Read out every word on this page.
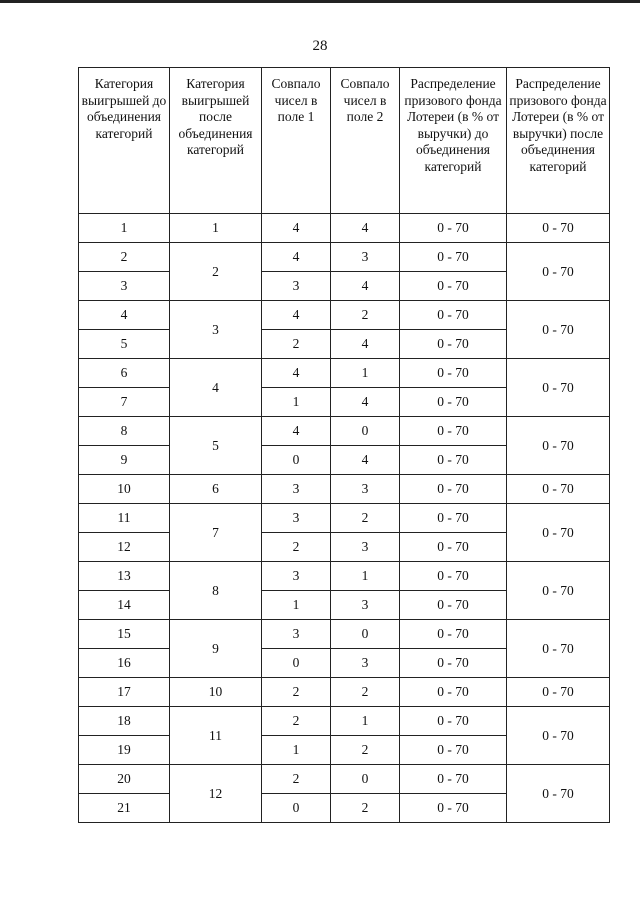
28
Категория выигрышей до объединения категорий	Категория выигрышей после объединения категорий	Совпало чисел в поле 1	Совпало чисел в поле 2	Распределение призового фонда Лотереи (в % от выручки) до объединения категорий	Распределение призового фонда Лотереи (в % от выручки) после объединения категорий
1	1	4	4	0 - 70	0 - 70
2	2	4	3	0 - 70	0 - 70
3		3	4	0 - 70	
4	3	4	2	0 - 70	0 - 70
5		2	4	0 - 70	
6	4	4	1	0 - 70	0 - 70
7		1	4	0 - 70	
8	5	4	0	0 - 70	0 - 70
9		0	4	0 - 70	
10	6	3	3	0 - 70	0 - 70
11	7	3	2	0 - 70	0 - 70
12		2	3	0 - 70	
13	8	3	1	0 - 70	0 - 70
14		1	3	0 - 70	
15	9	3	0	0 - 70	0 - 70
16		0	3	0 - 70	
17	10	2	2	0 - 70	0 - 70
18	11	2	1	0 - 70	0 - 70
19		1	2	0 - 70	
20	12	2	0	0 - 70	0 - 70
21		0	2	0 - 70	
